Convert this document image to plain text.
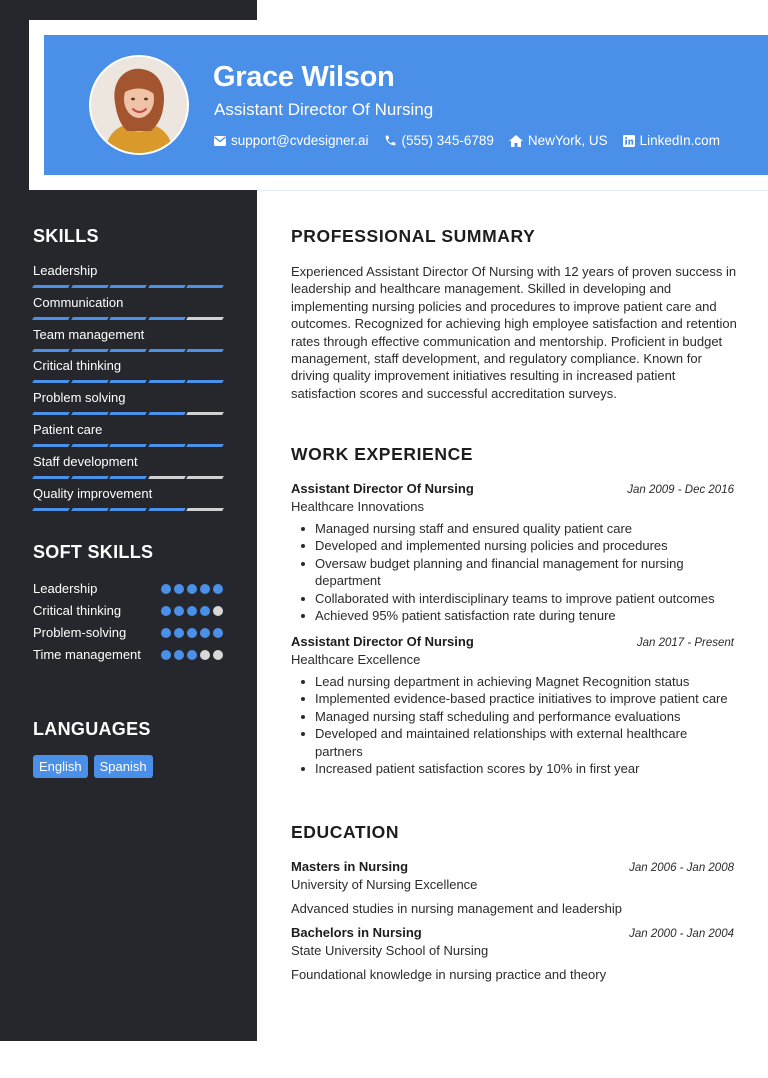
Grace Wilson
Assistant Director Of Nursing
support@cvdesigner.ai (555) 345-6789	NewYork, US LinkedIn.com
SKILLS
Leadership
Communication
Team management
Critical thinking
Problem solving
Patient care
Staff development
Quality improvement
SOFT SKILLS
Leadership
Critical thinking
Problem-solving
Time management
LANGUAGES
English	Spanish
PROFESSIONAL SUMMARY
Experienced Assistant Director Of Nursing with 12 years of proven success in leadership and healthcare management. Skilled in developing and implementing nursing policies and procedures to improve patient care and outcomes. Recognized for achieving high employee satisfaction and retention rates through effective communication and mentorship. Proficient in budget management, staff development, and regulatory compliance. Known for driving quality improvement initiatives resulting in increased patient satisfaction scores and successful accreditation surveys.
WORK EXPERIENCE
Assistant Director Of Nursing	Jan 2009 - Dec 2016
Healthcare Innovations
Managed nursing staff and ensured quality patient care
Developed and implemented nursing policies and procedures
Oversaw budget planning and financial management for nursing department
Collaborated with interdisciplinary teams to improve patient outcomes
Achieved 95% patient satisfaction rate during tenure
Assistant Director Of Nursing	Jan 2017 - Present
Healthcare Excellence
Lead nursing department in achieving Magnet Recognition status
Implemented evidence-based practice initiatives to improve patient care
Managed nursing staff scheduling and performance evaluations
Developed and maintained relationships with external healthcare partners
Increased patient satisfaction scores by 10% in first year
EDUCATION
Masters in Nursing	Jan 2006 - Jan 2008
University of Nursing Excellence
Advanced studies in nursing management and leadership
Bachelors in Nursing	Jan 2000 - Jan 2004
State University School of Nursing
Foundational knowledge in nursing practice and theory
